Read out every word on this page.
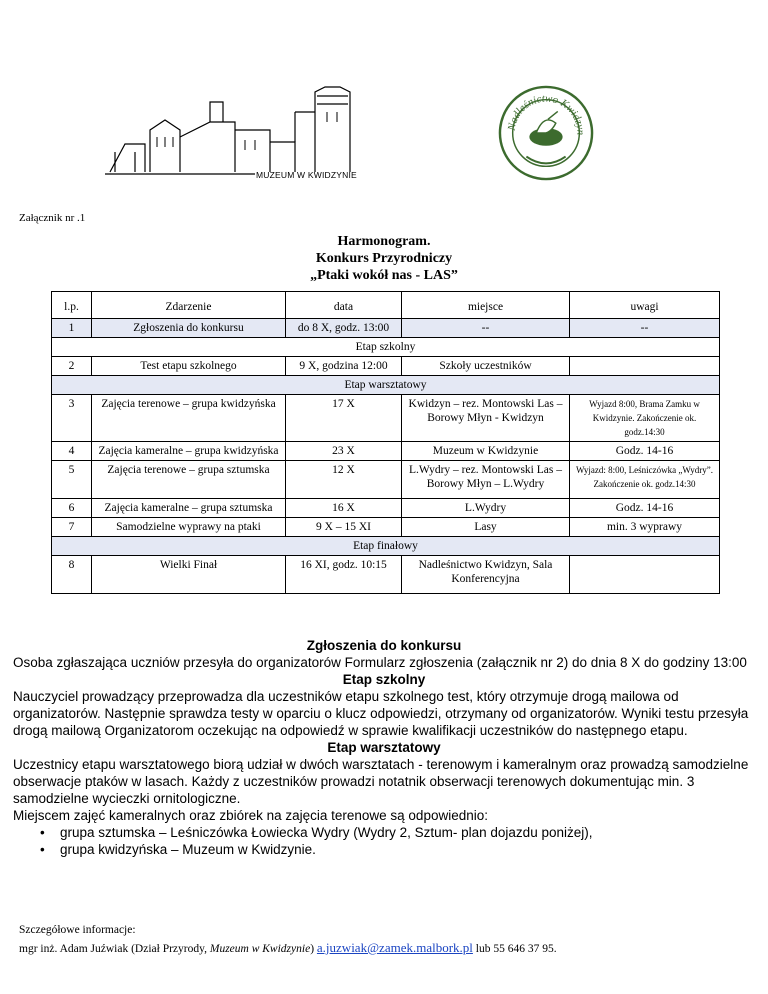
MUZEUM W KWIDZYNIE
Nadleśnictwo Kwidzyn
Załącznik nr .1
Harmonogram.
Konkurs Przyrodniczy
„Ptaki wokół nas - LAS”
l.p.	Zdarzenie	data	miejsce	uwagi
1	Zgłoszenia do konkursu	do 8 X, godz. 13:00	--	--
Etap szkolny				
2	Test etapu szkolnego	9 X, godzina 12:00	Szkoły uczestników	
Etap warsztatowy				
3	Zajęcia terenowe – grupa kwidzyńska	17 X	Kwidzyn – rez. Montowski Las – Borowy Młyn - Kwidzyn	Wyjazd 8:00, Brama Zamku w Kwidzynie. Zakończenie ok. godz.14:30
4	Zajęcia kameralne – grupa kwidzyńska	23 X	Muzeum w Kwidzynie	Godz. 14-16
5	Zajęcia terenowe – grupa sztumska	12 X	L.Wydry – rez. Montowski Las – Borowy Młyn – L.Wydry	Wyjazd: 8:00, Leśniczówka „Wydry”. Zakończenie ok. godz.14:30
6	Zajęcia kameralne – grupa sztumska	16 X	L.Wydry	Godz. 14-16
7	Samodzielne wyprawy na ptaki	9 X – 15 XI	Lasy	min. 3 wyprawy
Etap finałowy				
8	Wielki Finał	16 XI, godz. 10:15	Nadleśnictwo Kwidzyn, Sala Konferencyjna	
Zgłoszenia do konkursu
Osoba zgłaszająca uczniów przesyła do organizatorów Formularz zgłoszenia (załącznik nr 2) do dnia 8 X do godziny 13:00
Etap szkolny
Nauczyciel prowadzący przeprowadza dla uczestników etapu szkolnego test, który otrzymuje drogą mailowa od organizatorów. Następnie sprawdza testy w oparciu o klucz odpowiedzi, otrzymany od organizatorów. Wyniki testu przesyła drogą mailową Organizatorom oczekując na odpowiedź w sprawie kwalifikacji uczestników do następnego etapu.
Etap warsztatowy
Uczestnicy etapu warsztatowego biorą udział w dwóch warsztatach - terenowym i kameralnym oraz prowadzą samodzielne obserwacje ptaków w lasach. Każdy z uczestników prowadzi notatnik obserwacji terenowych dokumentując min. 3 samodzielne wycieczki ornitologiczne.
Miejscem zajęć kameralnych oraz zbiórek na zajęcia terenowe są odpowiednio:
• grupa sztumska – Leśniczówka Łowiecka Wydry (Wydry 2, Sztum- plan dojazdu poniżej),
• grupa kwidzyńska – Muzeum w Kwidzynie.
Szczegółowe informacje:
mgr inż. Adam Juźwiak (Dział Przyrody, Muzeum w Kwidzynie) a.juzwiak@zamek.malbork.pl lub 55 646 37 95.
